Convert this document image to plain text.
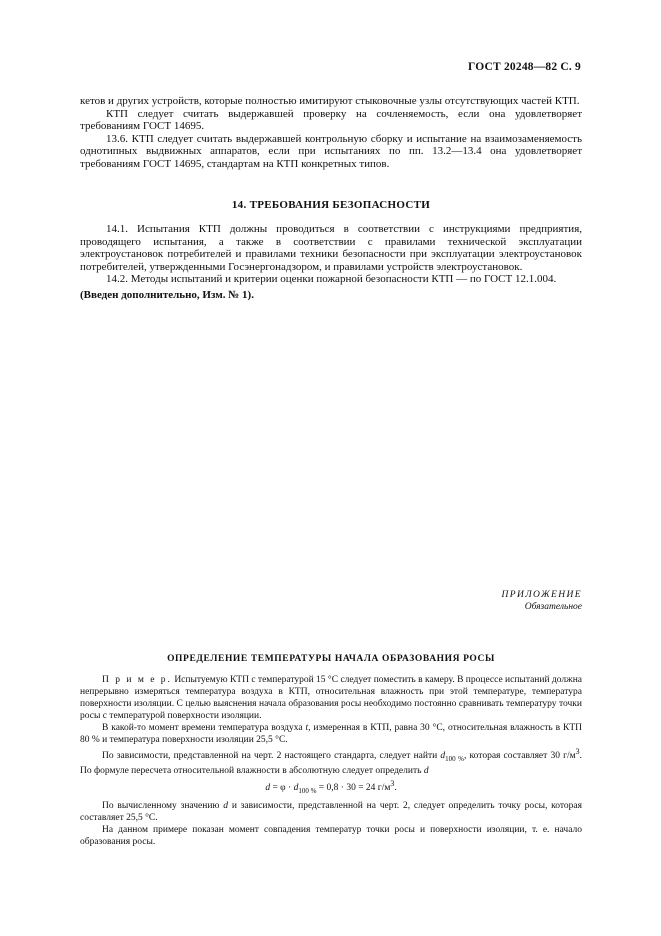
ГОСТ 20248—82 С. 9

кетов и других устройств, которые полностью имитируют стыковочные узлы отсутствующих частей КТП.

КТП следует считать выдержавшей проверку на сочленяемость, если она удовлетворяет требованиям ГОСТ 14695.

13.6. КТП следует считать выдержавшей контрольную сборку и испытание на взаимозаменяемость однотипных выдвижных аппаратов, если при испытаниях по пп. 13.2—13.4 она удовлетворяет требованиям ГОСТ 14695, стандартам на КТП конкретных типов.

14. ТРЕБОВАНИЯ БЕЗОПАСНОСТИ

14.1. Испытания КТП должны проводиться в соответствии с инструкциями предприятия, проводящего испытания, а также в соответствии с правилами технической эксплуатации электроустановок потребителей и правилами техники безопасности при эксплуатации электроустановок потребителей, утвержденными Госэнергонадзором, и правилами устройств электроустановок.

14.2. Методы испытаний и критерии оценки пожарной безопасности КТП — по ГОСТ 12.1.004.

(Введен дополнительно, Изм. № 1).

ПРИЛОЖЕНИЕ
Обязательное
ОПРЕДЕЛЕНИЕ ТЕМПЕРАТУРЫ НАЧАЛА ОБРАЗОВАНИЯ РОСЫ

П р и м е р. Испытуемую КТП с температурой 15 °С следует поместить в камеру. В процессе испытаний должна непрерывно измеряться температура воздуха в КТП, относительная влажность при этой температуре, температура поверхности изоляции. С целью выяснения начала образования росы необходимо постоянно сравнивать температуру точки росы с температурой поверхности изоляции.

В какой-то момент времени температура воздуха t, измеренная в КТП, равна 30 °С, относительная влажность в КТП 80 % и температура поверхности изоляции 25,5 °С.

По зависимости, представленной на черт. 2 настоящего стандарта, следует найти $d_{100 \%}$, которая составляет 30 $г/м^3$. По формуле пересчета относительной влажности в абсолютную следует определить d

$d = \varphi \cdot d_{100 \%} = 0,8 \cdot 30 = 24$ $г/м^3$.

По вычисленному значению d и зависимости, представленной на черт. 2, следует определить точку росы, которая составляет 25,5 °С.

На данном примере показан момент совпадения температур точки росы и поверхности изоляции, т. е. начало образования росы.
